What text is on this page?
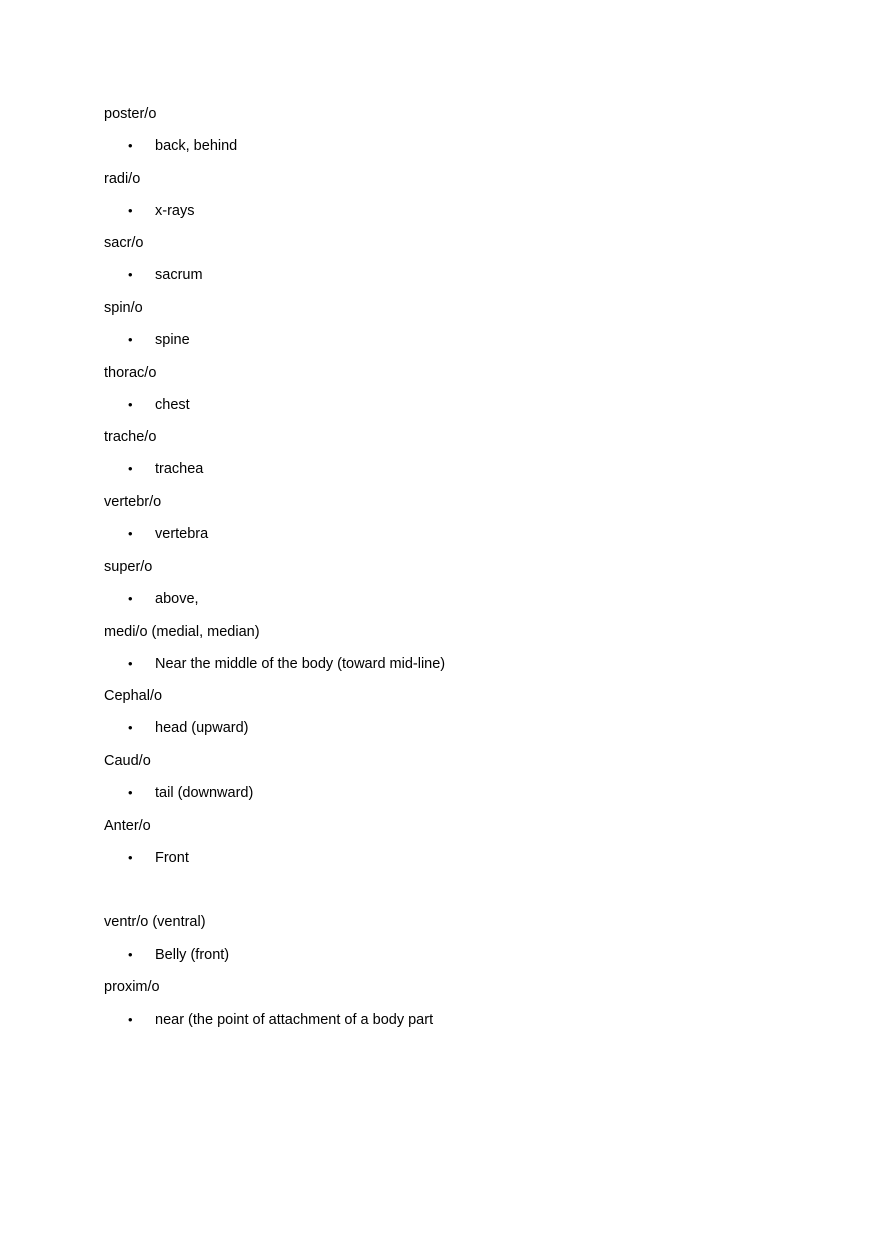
poster/o
• back, behind
radi/o
• x-rays
sacr/o
• sacrum
spin/o
• spine
thorac/o
• chest
trache/o
• trachea
vertebr/o
• vertebra
super/o
• above,
medi/o (medial, median)
• Near the middle of the body (toward mid-line)
Cephal/o
• head (upward)
Caud/o
• tail (downward)
Anter/o
• Front
ventr/o (ventral)
• Belly (front)
proxim/o
• near (the point of attachment of a body part
